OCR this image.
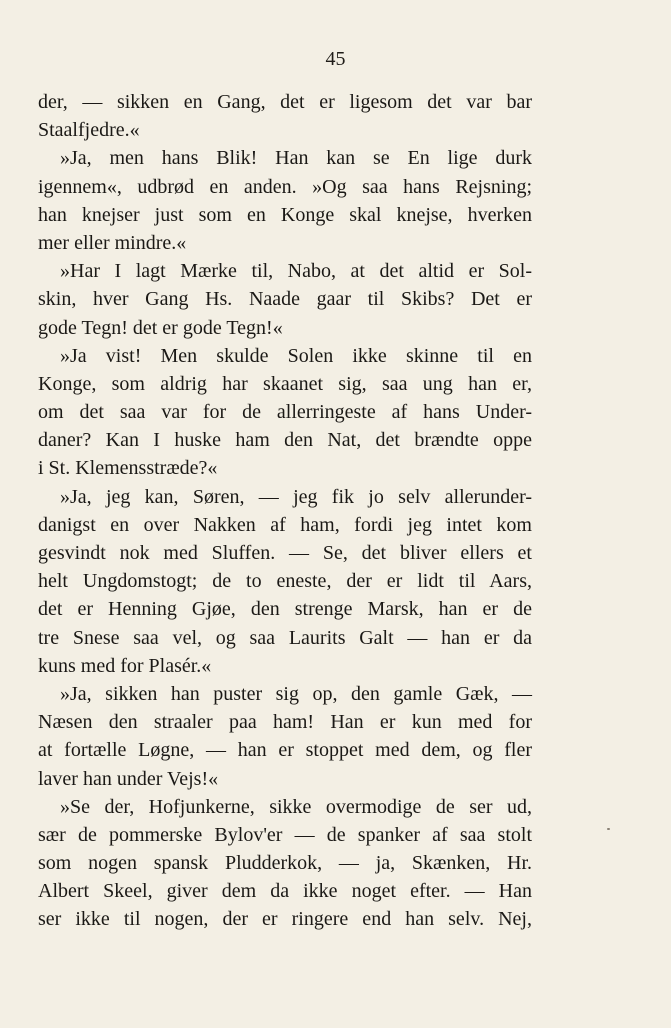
45
der, — sikken en Gang, det er ligesom det var bar
Staalfjedre.«
»Ja, men hans Blik! Han kan se En lige durk
igennem«, udbrød en anden. »Og saa hans Rejsning;
han knejser just som en Konge skal knejse, hverken
mer eller mindre.«
»Har I lagt Mærke til, Nabo, at det altid er Sol-
skin, hver Gang Hs. Naade gaar til Skibs? Det er
gode Tegn! det er gode Tegn!«
»Ja vist! Men skulde Solen ikke skinne til en
Konge, som aldrig har skaanet sig, saa ung han er,
om det saa var for de allerringeste af hans Under-
daner? Kan I huske ham den Nat, det brændte oppe
i St. Klemensstræde?«
»Ja, jeg kan, Søren, — jeg fik jo selv allerunder-
danigst en over Nakken af ham, fordi jeg intet kom
gesvindt nok med Sluffen. — Se, det bliver ellers et
helt Ungdomstogt; de to eneste, der er lidt til Aars,
det er Henning Gjøe, den strenge Marsk, han er de
tre Snese saa vel, og saa Laurits Galt — han er da
kuns med for Plasér.«
»Ja, sikken han puster sig op, den gamle Gæk, —
Næsen den straaler paa ham! Han er kun med for
at fortælle Løgne, — han er stoppet med dem, og fler
laver han under Vejs!«
»Se der, Hofjunkerne, sikke overmodige de ser ud,
sær de pommerske Bylov'er — de spanker af saa stolt
som nogen spansk Pludderkok, — ja, Skænken, Hr.
Albert Skeel, giver dem da ikke noget efter. — Han
ser ikke til nogen, der er ringere end han selv. Nej,
